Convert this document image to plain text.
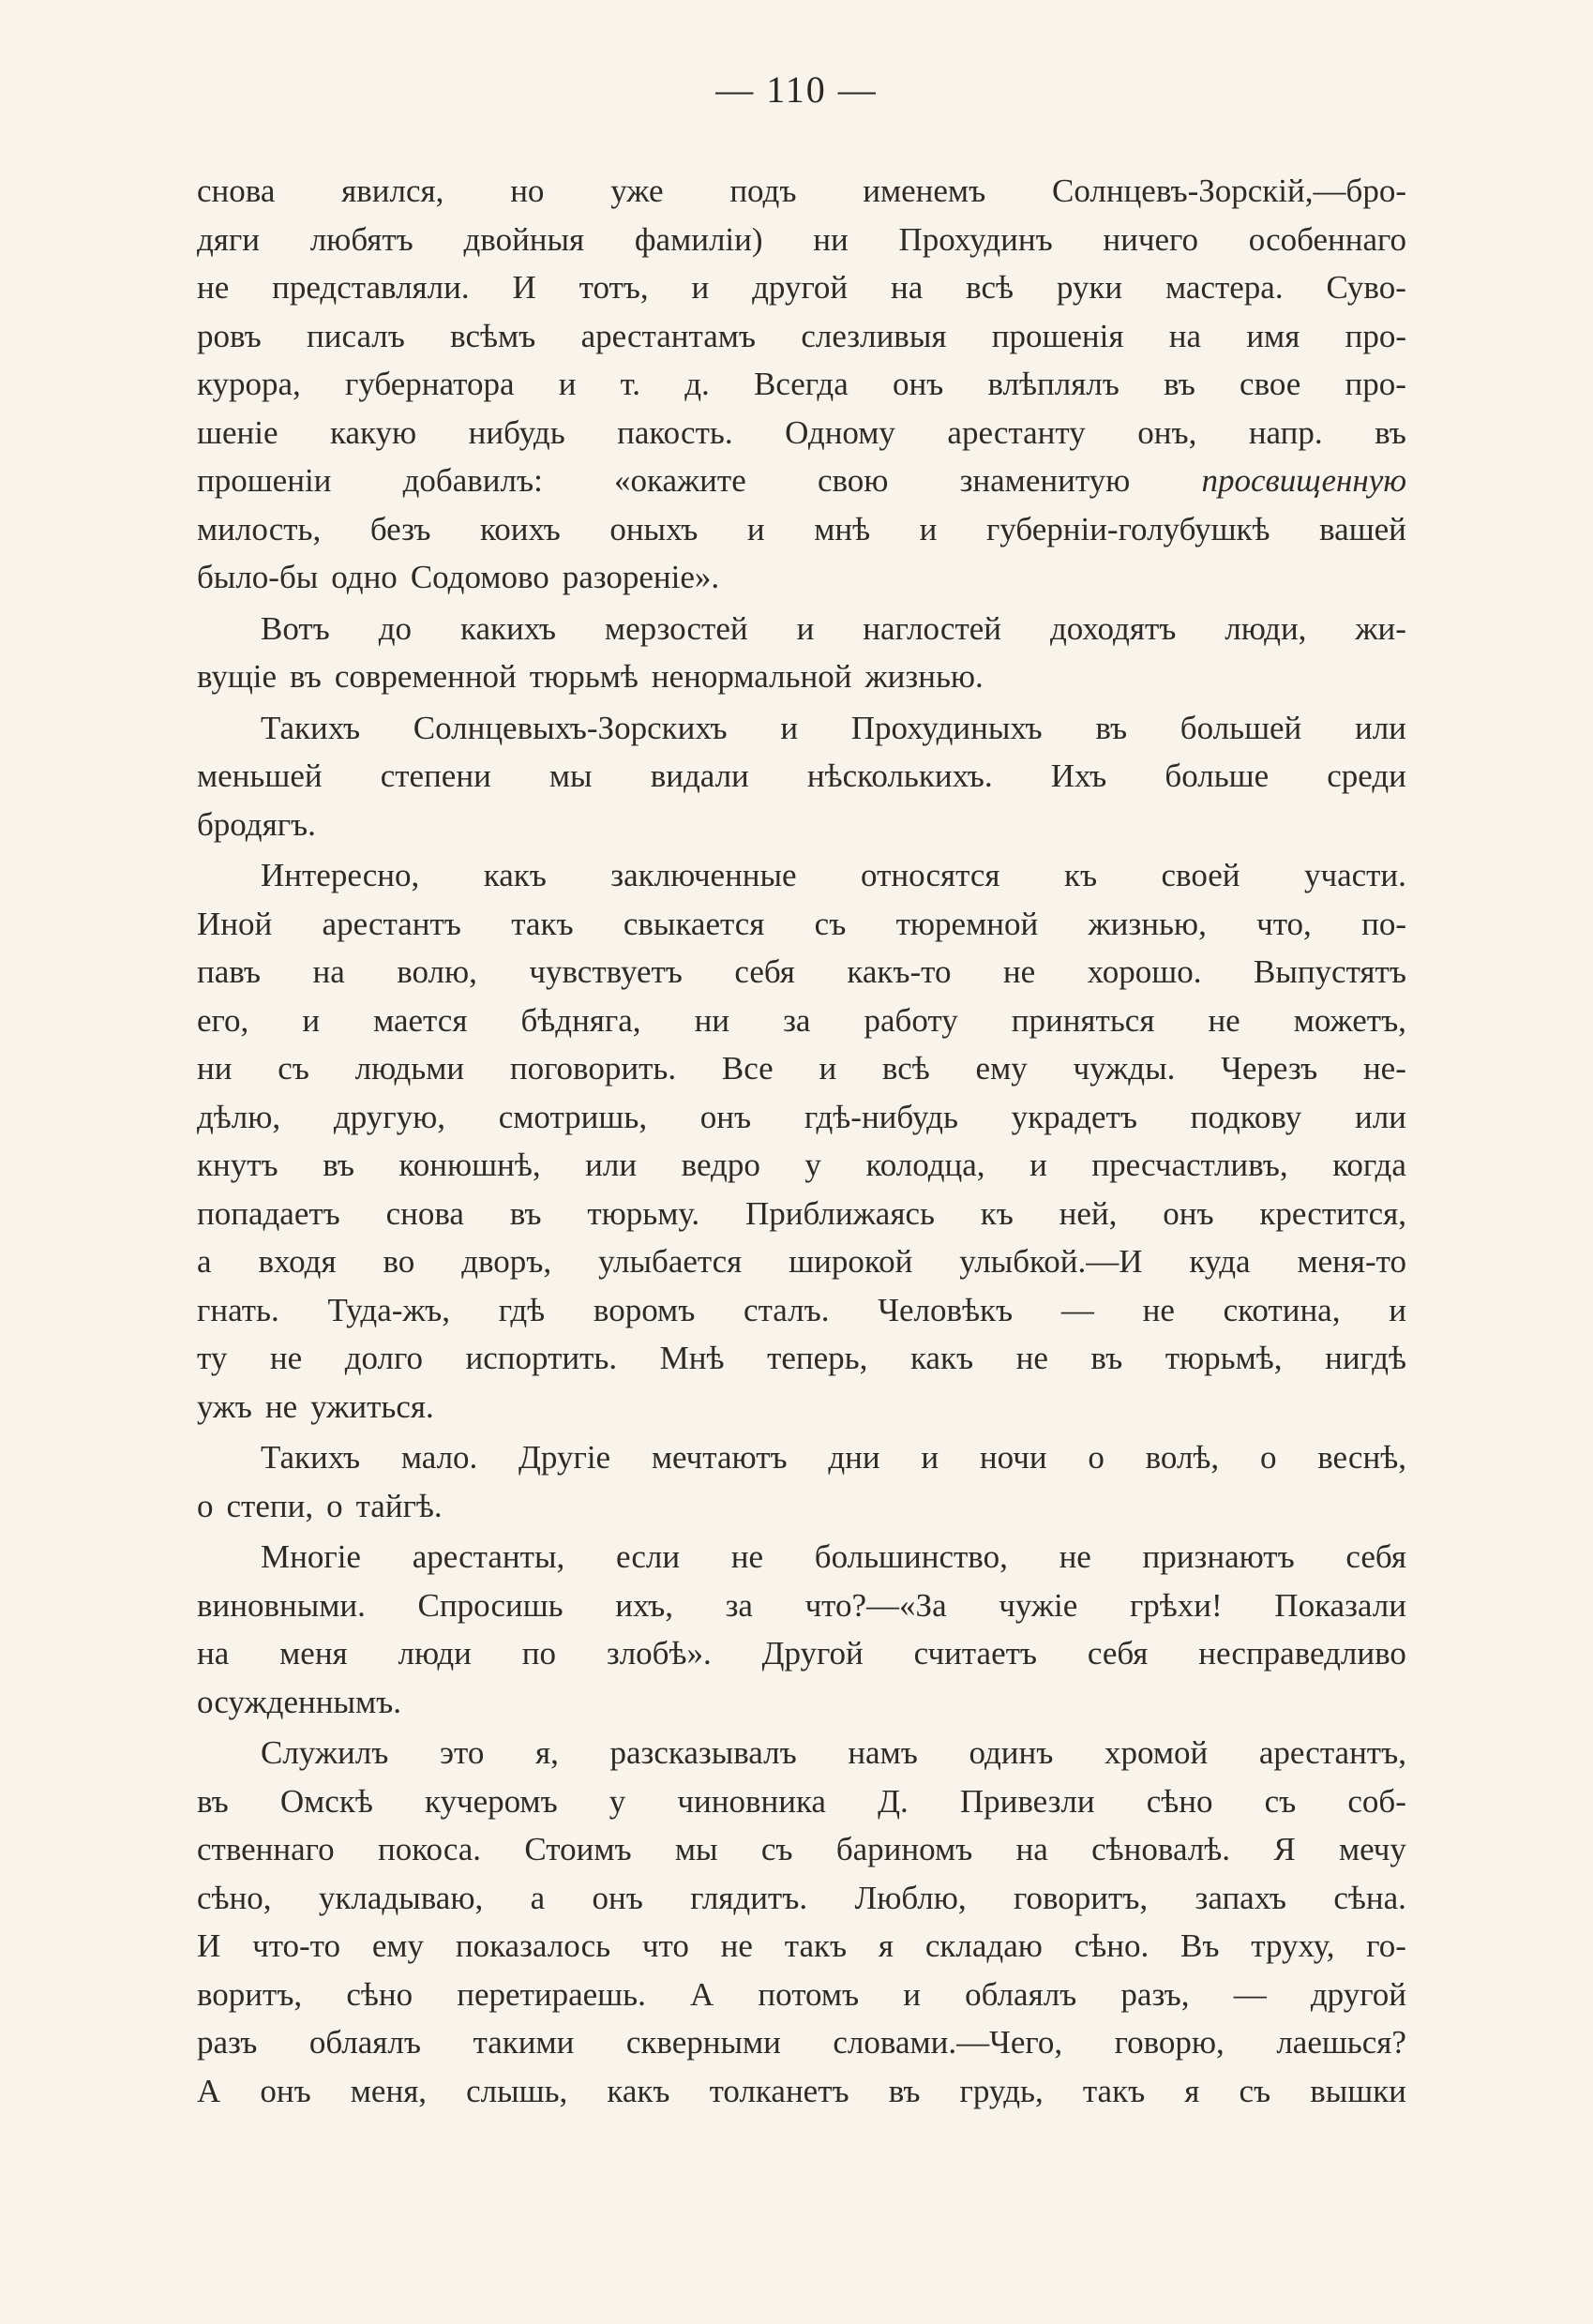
— 110 —
снова явился, но уже подъ именемъ Солнцевъ-Зорскій,—бро-
дяги любятъ двойныя фамиліи) ни Прохудинъ ничего особеннаго
не представляли. И тотъ, и другой на всѣ руки мастера. Суво-
ровъ писалъ всѣмъ арестантамъ слезливыя прошенія на имя про-
курора, губернатора и т. д. Всегда онъ влѣплялъ въ свое про-
шеніе какую нибудь пакость. Одному арестанту онъ, напр. въ
прошеніи добавилъ: «окажите свою знаменитую просвищенную
милость, безъ коихъ оныхъ и мнѣ и губерніи-голубушкѣ вашей
было-бы одно Содомово разореніе».
Вотъ до какихъ мерзостей и наглостей доходятъ люди, жи-
вущіе въ современной тюрьмѣ ненормальной жизнью.
Такихъ Солнцевыхъ-Зорскихъ и Прохудиныхъ въ большей или
меньшей степени мы видали нѣсколькихъ. Ихъ больше среди
бродягъ.
Интересно, какъ заключенные относятся къ своей участи.
Иной арестантъ такъ свыкается съ тюремной жизнью, что, по-
павъ на волю, чувствуетъ себя какъ-то не хорошо. Выпустятъ
его, и мается бѣдняга, ни за работу приняться не можетъ,
ни съ людьми поговорить. Все и всѣ ему чужды. Черезъ не-
дѣлю, другую, смотришь, онъ гдѣ-нибудь украдетъ подкову или
кнутъ въ конюшнѣ, или ведро у колодца, и пресчастливъ, когда
попадаетъ снова въ тюрьму. Приближаясь къ ней, онъ крестится,
а входя во дворъ, улыбается широкой улыбкой.—И куда меня-то
гнать. Туда-жъ, гдѣ воромъ сталъ. Человѣкъ — не скотина, и
ту не долго испортить. Мнѣ теперь, какъ не въ тюрьмѣ, нигдѣ
ужъ не ужиться.
Такихъ мало. Другіе мечтаютъ дни и ночи о волѣ, о веснѣ,
о степи, о тайгѣ.
Многіе арестанты, если не большинство, не признаютъ себя
виновными. Спросишь ихъ, за что?—«За чужіе грѣхи! Показали
на меня люди по злобѣ». Другой считаетъ себя несправедливо
осужденнымъ.
Служилъ это я, разсказывалъ намъ одинъ хромой арестантъ,
въ Омскѣ кучеромъ у чиновника Д. Привезли сѣно съ соб-
ственнаго покоса. Стоимъ мы съ бариномъ на сѣновалѣ. Я мечу
сѣно, укладываю, а онъ глядитъ. Люблю, говоритъ, запахъ сѣна.
И что-то ему показалось что не такъ я складаю сѣно. Въ труху, го-
воритъ, сѣно перетираешь. А потомъ и облаялъ разъ, — другой
разъ облаялъ такими скверными словами.—Чего, говорю, лаешься?
А онъ меня, слышь, какъ толканетъ въ грудь, такъ я съ вышки
